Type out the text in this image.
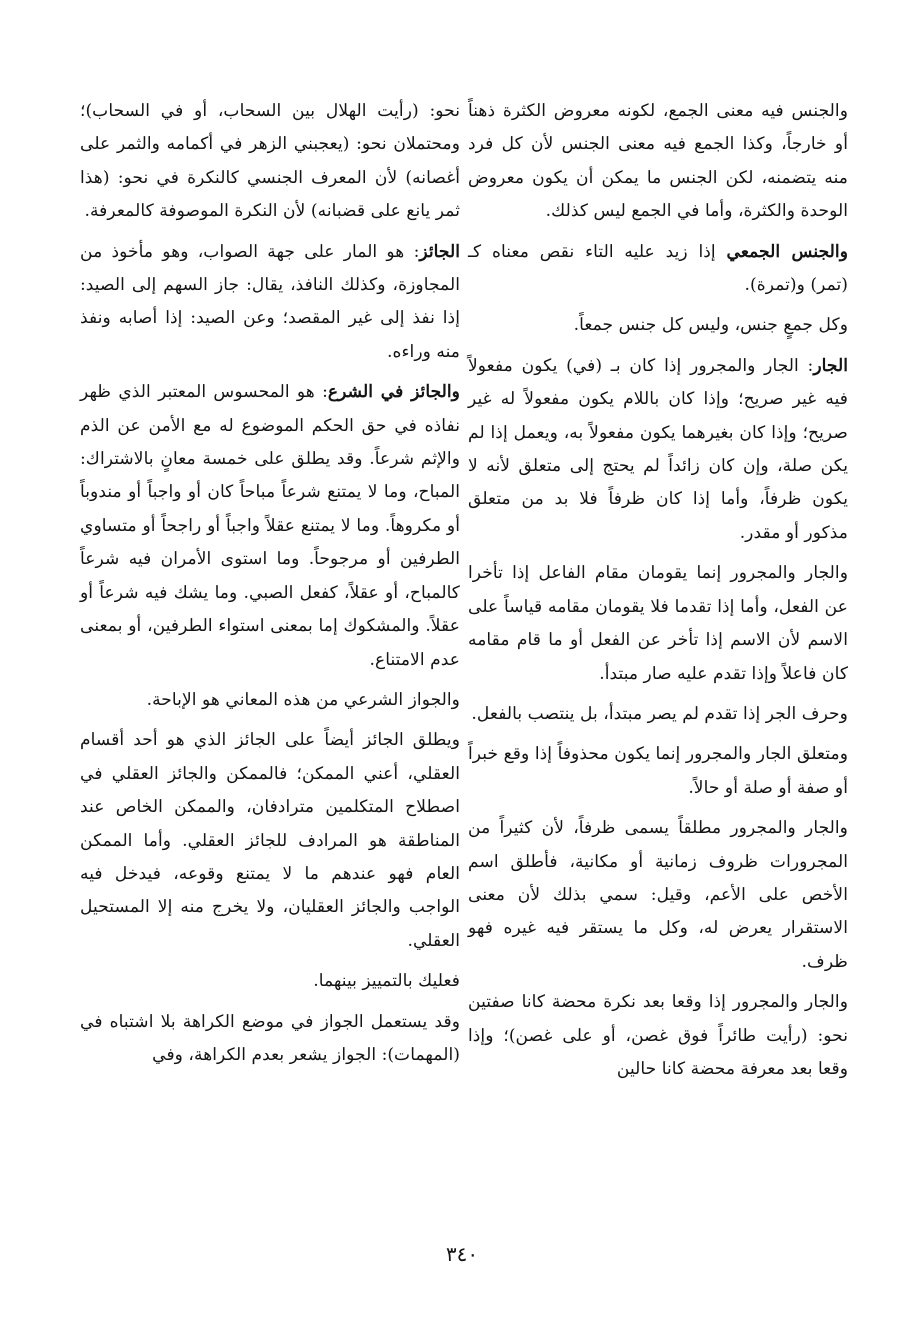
والجنس فيه معنى الجمع، لكونه معروض الكثرة ذهناً أو خارجاً، وكذا الجمع فيه معنى الجنس لأن كل فرد منه يتضمنه، لكن الجنس ما يمكن أن يكون معروض الوحدة والكثرة، وأما في الجمع ليس كذلك.

والجنس الجمعي إذا زيد عليه التاء نقص معناه كـ (تمر) و(تمرة).

وكل جمعٍ جنس، وليس كل جنس جمعاً.

الجار: الجار والمجرور إذا كان بـ (في) يكون مفعولاً فيه غير صريح؛ وإذا كان باللام يكون مفعولاً له غير صريح؛ وإذا كان بغيرهما يكون مفعولاً به، ويعمل إذا لم يكن صلة، وإن كان زائداً لم يحتج إلى متعلق لأنه لا يكون ظرفاً، وأما إذا كان ظرفاً فلا بد من متعلق مذكور أو مقدر.

والجار والمجرور إنما يقومان مقام الفاعل إذا تأخرا عن الفعل، وأما إذا تقدما فلا يقومان مقامه قياساً على الاسم لأن الاسم إذا تأخر عن الفعل أو ما قام مقامه كان فاعلاً وإذا تقدم عليه صار مبتدأ.

وحرف الجر إذا تقدم لم يصر مبتدأ، بل ينتصب بالفعل.

ومتعلق الجار والمجرور إنما يكون محذوفاً إذا وقع خبراً أو صفة أو صلة أو حالاً.

والجار والمجرور مطلقاً يسمى ظرفاً، لأن كثيراً من المجرورات ظروف زمانية أو مكانية، فأطلق اسم الأخص على الأعم، وقيل: سمي بذلك لأن معنى الاستقرار يعرض له، وكل ما يستقر فيه غيره فهو ظرف.

والجار والمجرور إذا وقعا بعد نكرة محضة كانا صفتين نحو: (رأيت طائراً فوق غصن، أو على غصن)؛ وإذا وقعا بعد معرفة محضة كانا حالين

نحو: (رأيت الهلال بين السحاب، أو في السحاب)؛ ومحتملان نحو: (يعجبني الزهر في أكمامه والثمر على أغصانه) لأن المعرف الجنسي كالنكرة في نحو: (هذا ثمر يانع على قضبانه) لأن النكرة الموصوفة كالمعرفة.

الجائز: هو المار على جهة الصواب، وهو مأخوذ من المجاوزة، وكذلك النافذ، يقال: جاز السهم إلى الصيد: إذا نفذ إلى غير المقصد؛ وعن الصيد: إذا أصابه ونفذ منه وراءه.

والجائز في الشرع: هو المحسوس المعتبر الذي ظهر نفاذه في حق الحكم الموضوع له مع الأمن عن الذم والإثم شرعاً. وقد يطلق على خمسة معانٍ بالاشتراك: المباح، وما لا يمتنع شرعاً مباحاً كان أو واجباً أو مندوباً أو مكروهاً. وما لا يمتنع عقلاً واجباً أو راجحاً أو متساوي الطرفين أو مرجوحاً. وما استوى الأمران فيه شرعاً كالمباح، أو عقلاً، كفعل الصبي. وما يشك فيه شرعاً أو عقلاً. والمشكوك إما بمعنى استواء الطرفين، أو بمعنى عدم الامتناع.

والجواز الشرعي من هذه المعاني هو الإباحة.

ويطلق الجائز أيضاً على الجائز الذي هو أحد أقسام العقلي، أعني الممكن؛ فالممكن والجائز العقلي في اصطلاح المتكلمين مترادفان، والممكن الخاص عند المناطقة هو المرادف للجائز العقلي. وأما الممكن العام فهو عندهم ما لا يمتنع وقوعه، فيدخل فيه الواجب والجائز العقليان، ولا يخرج منه إلا المستحيل العقلي.

فعليك بالتمييز بينهما.

وقد يستعمل الجواز في موضع الكراهة بلا اشتباه في (المهمات): الجواز يشعر بعدم الكراهة، وفي

٣٤٠
